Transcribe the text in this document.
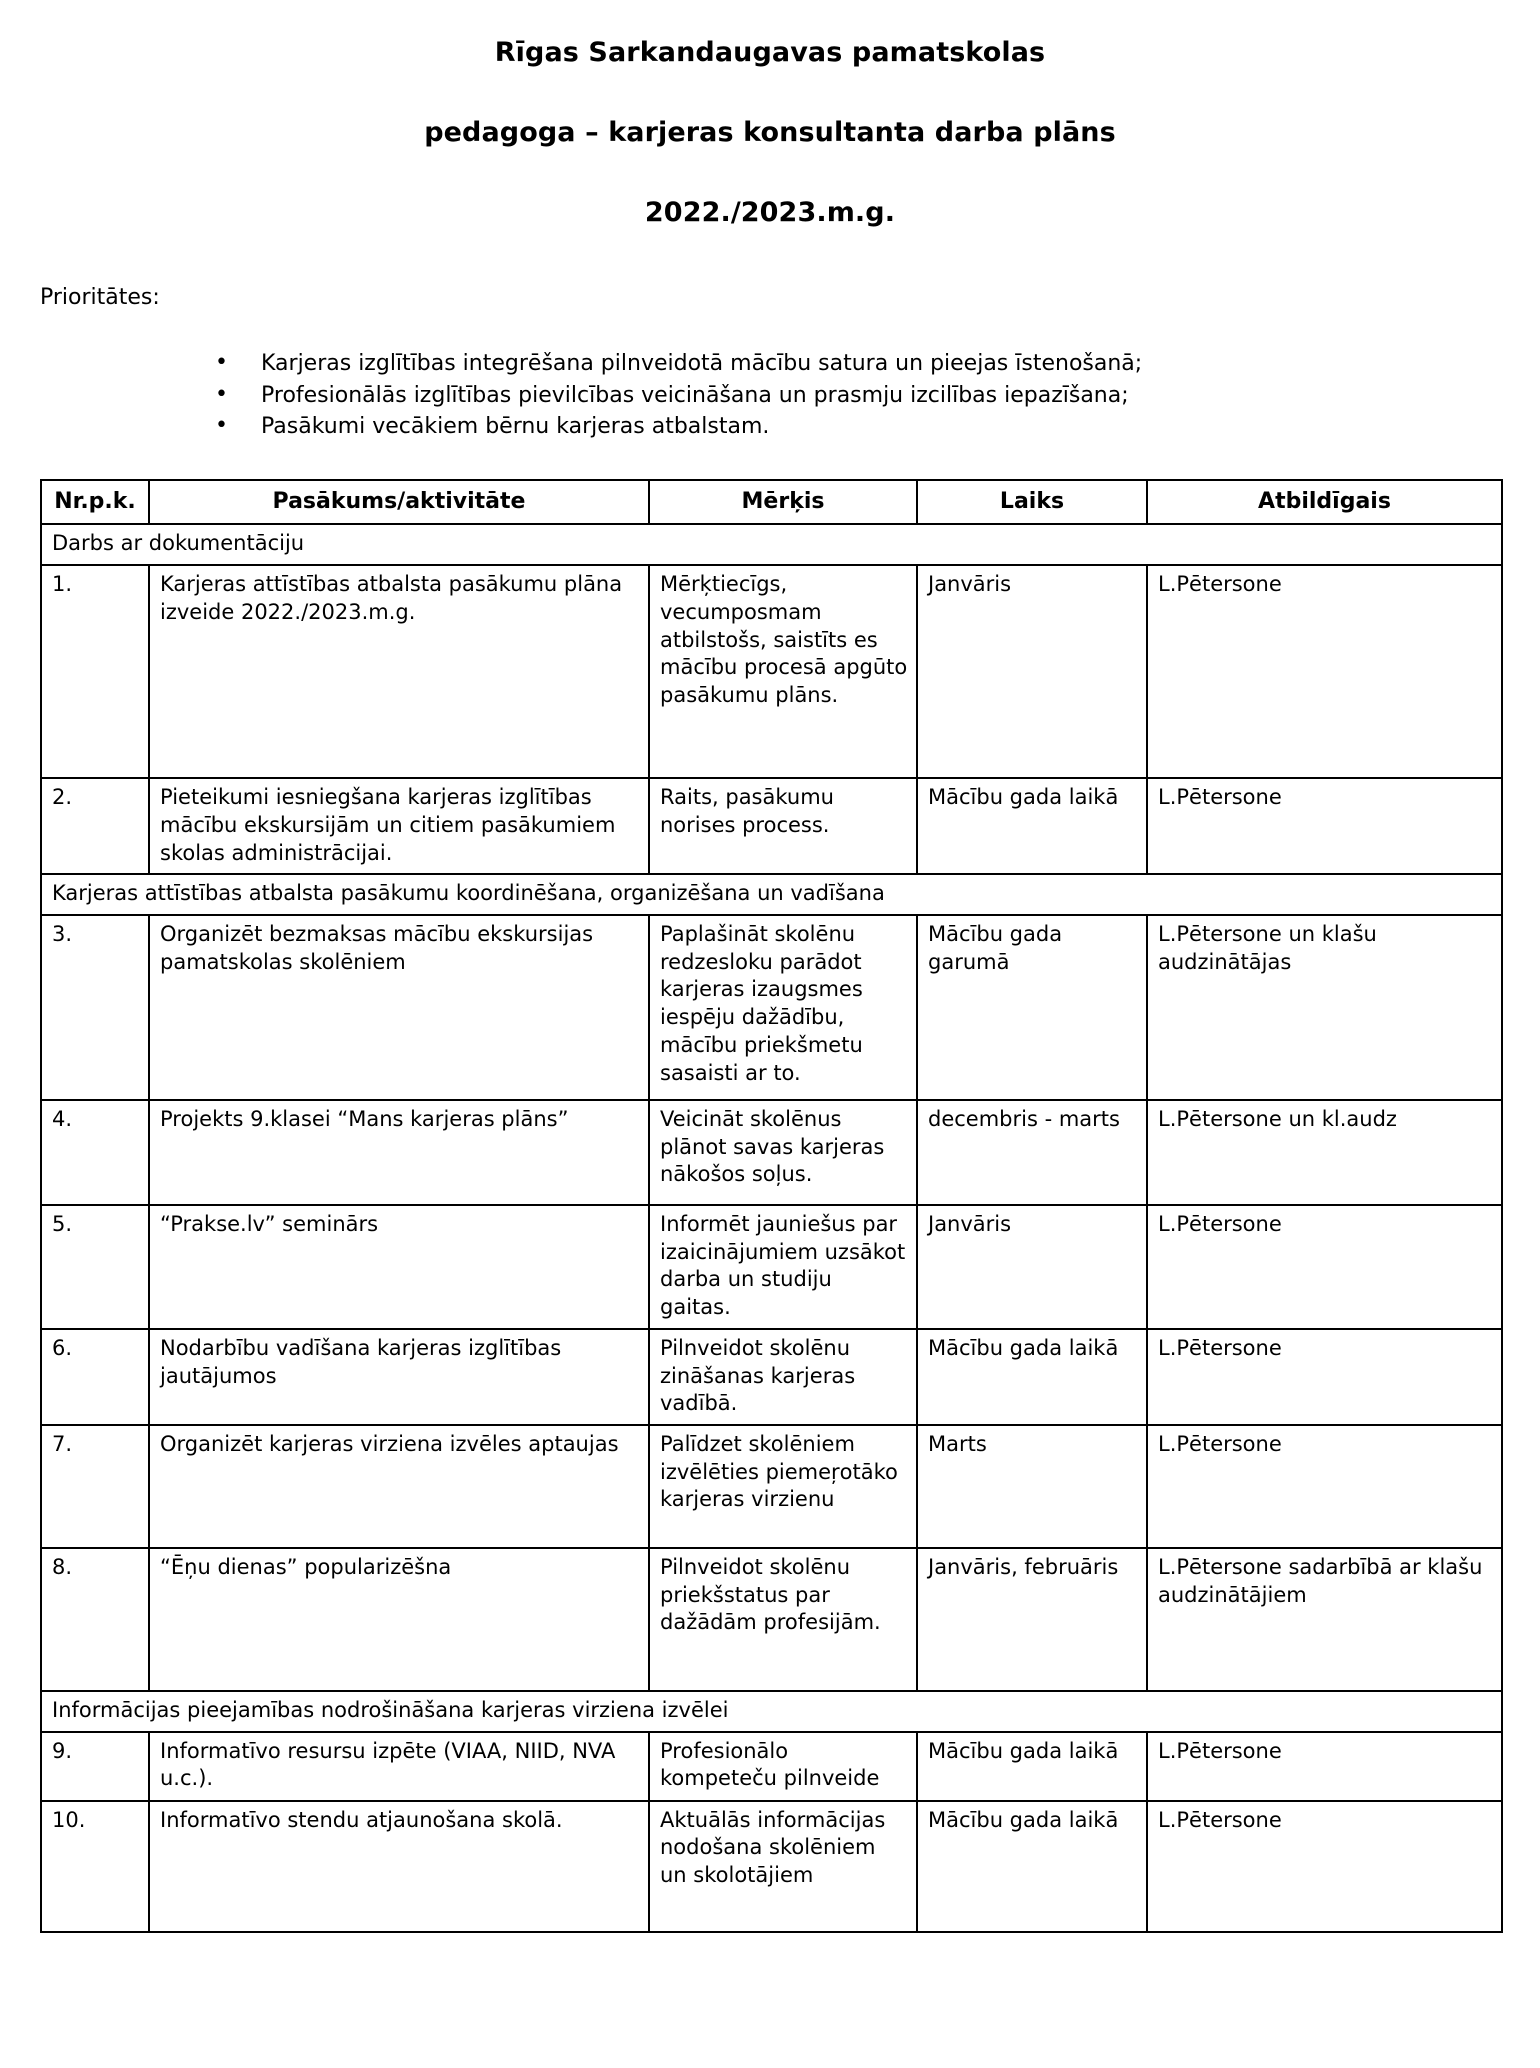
Rīgas Sarkandaugavas pamatskolas

pedagoga – karjeras konsultanta darba plāns

2022./2023.m.g.

Prioritātes:
• Karjeras izglītības integrēšana pilnveidotā mācību satura un pieejas īstenošanā;
• Profesionālās izglītības pievilcības veicināšana un prasmju izcilības iepazīšana;
• Pasākumi vecākiem bērnu karjeras atbalstam.
Nr.p.k.	Pasākums/aktivitāte	Mērķis	Laiks	Atbildīgais
Darbs ar dokumentāciju				
1.	Karjeras attīstības atbalsta pasākumu plāna izveide 2022./2023.m.g.	Mērķtiecīgs, vecumposmam atbilstošs, saistīts es mācību procesā apgūto pasākumu plāns.	Janvāris	L.Pētersone
2.	Pieteikumi iesniegšana karjeras izglītības mācību ekskursijām un citiem pasākumiem skolas administrācijai.	Raits, pasākumu norises process.	Mācību gada laikā	L.Pētersone
Karjeras attīstības atbalsta pasākumu koordinēšana, organizēšana un vadīšana				
3.	Organizēt bezmaksas mācību ekskursijas pamatskolas skolēniem	Paplašināt skolēnu redzesloku parādot karjeras izaugsmes iespēju dažādību, mācību priekšmetu sasaisti ar to.	Mācību gada garumā	L.Pētersone un klašu audzinātājas
4.	Projekts 9.klasei “Mans karjeras plāns”	Veicināt skolēnus plānot savas karjeras nākošos soļus.	decembris - marts	L.Pētersone un kl.audz
5.	“Prakse.lv” seminārs	Informēt jauniešus par izaicinājumiem uzsākot darba un studiju gaitas.	Janvāris	L.Pētersone
6.	Nodarbību vadīšana karjeras izglītības jautājumos	Pilnveidot skolēnu zināšanas karjeras vadībā.	Mācību gada laikā	L.Pētersone
7.	Organizēt karjeras virziena izvēles aptaujas	Palīdzet skolēniem izvēlēties piemeŗotāko karjeras virzienu	Marts	L.Pētersone
8.	“Ēņu dienas” popularizēšna	Pilnveidot skolēnu priekšstatus par dažādām profesijām.	Janvāris, februāris	L.Pētersone sadarbībā ar klašu audzinātājiem
Informācijas pieejamības nodrošināšana karjeras virziena izvēlei				
9.	Informatīvo resursu izpēte (VIAA, NIID, NVA u.c.).	Profesionālo kompeteču pilnveide	Mācību gada laikā	L.Pētersone
10.	Informatīvo stendu atjaunošana skolā.	Aktuālās informācijas nodošana skolēniem un skolotājiem	Mācību gada laikā	L.Pētersone
